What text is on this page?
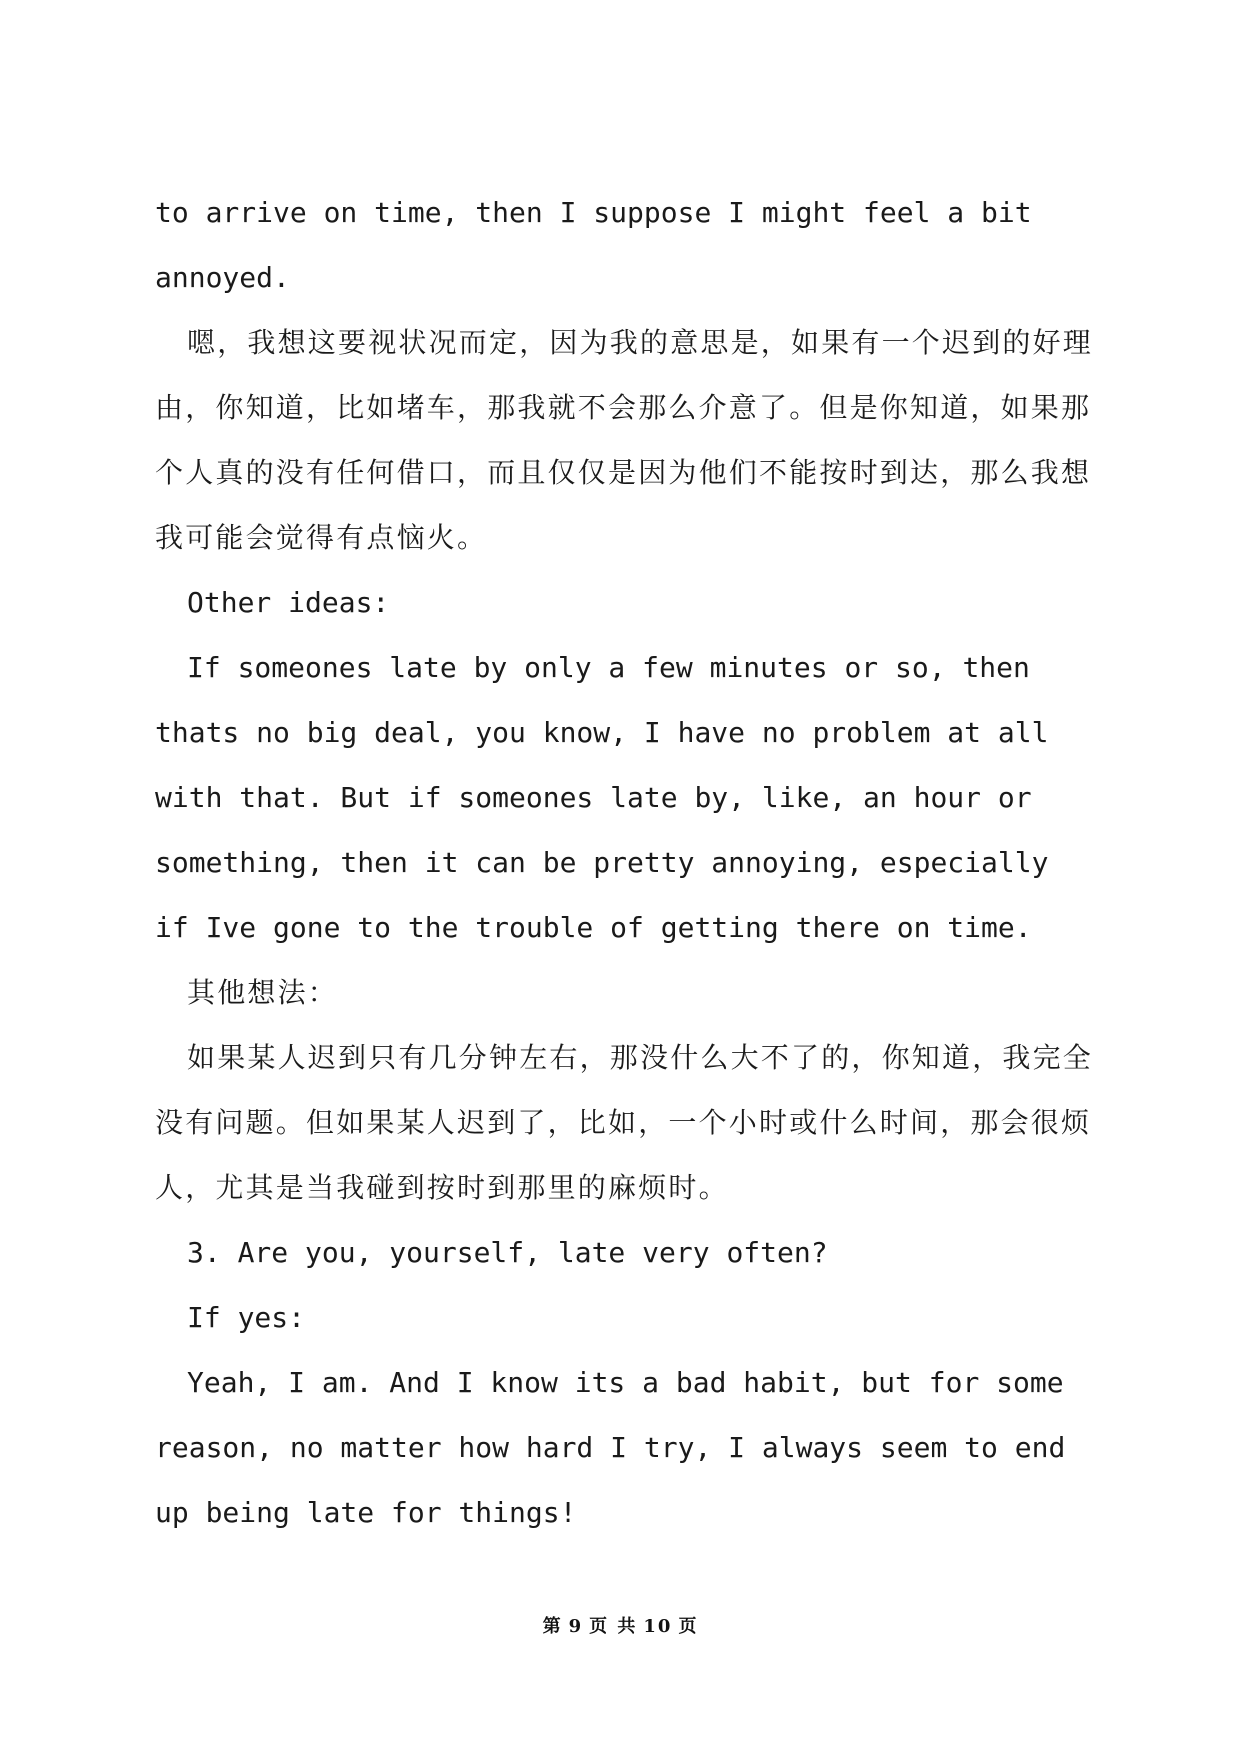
to arrive on time, then I suppose I might feel a bit annoyed.

嗯，我想这要视状况而定，因为我的意思是，如果有一个迟到的好理由，你知道，比如堵车，那我就不会那么介意了。但是你知道，如果那个人真的没有任何借口，而且仅仅是因为他们不能按时到达，那么我想我可能会觉得有点恼火。

Other ideas:

If someones late by only a few minutes or so, then thats no big deal, you know, I have no problem at all with that. But if someones late by, like, an hour or something, then it can be pretty annoying, especially if Ive gone to the trouble of getting there on time.

其他想法：

如果某人迟到只有几分钟左右，那没什么大不了的，你知道，我完全没有问题。但如果某人迟到了，比如，一个小时或什么时间，那会很烦人，尤其是当我碰到按时到那里的麻烦时。

3. Are you, yourself, late very often?

If yes:

Yeah, I am. And I know its a bad habit, but for some reason, no matter how hard I try, I always seem to end up being late for things!

第 9 页 共 10 页
